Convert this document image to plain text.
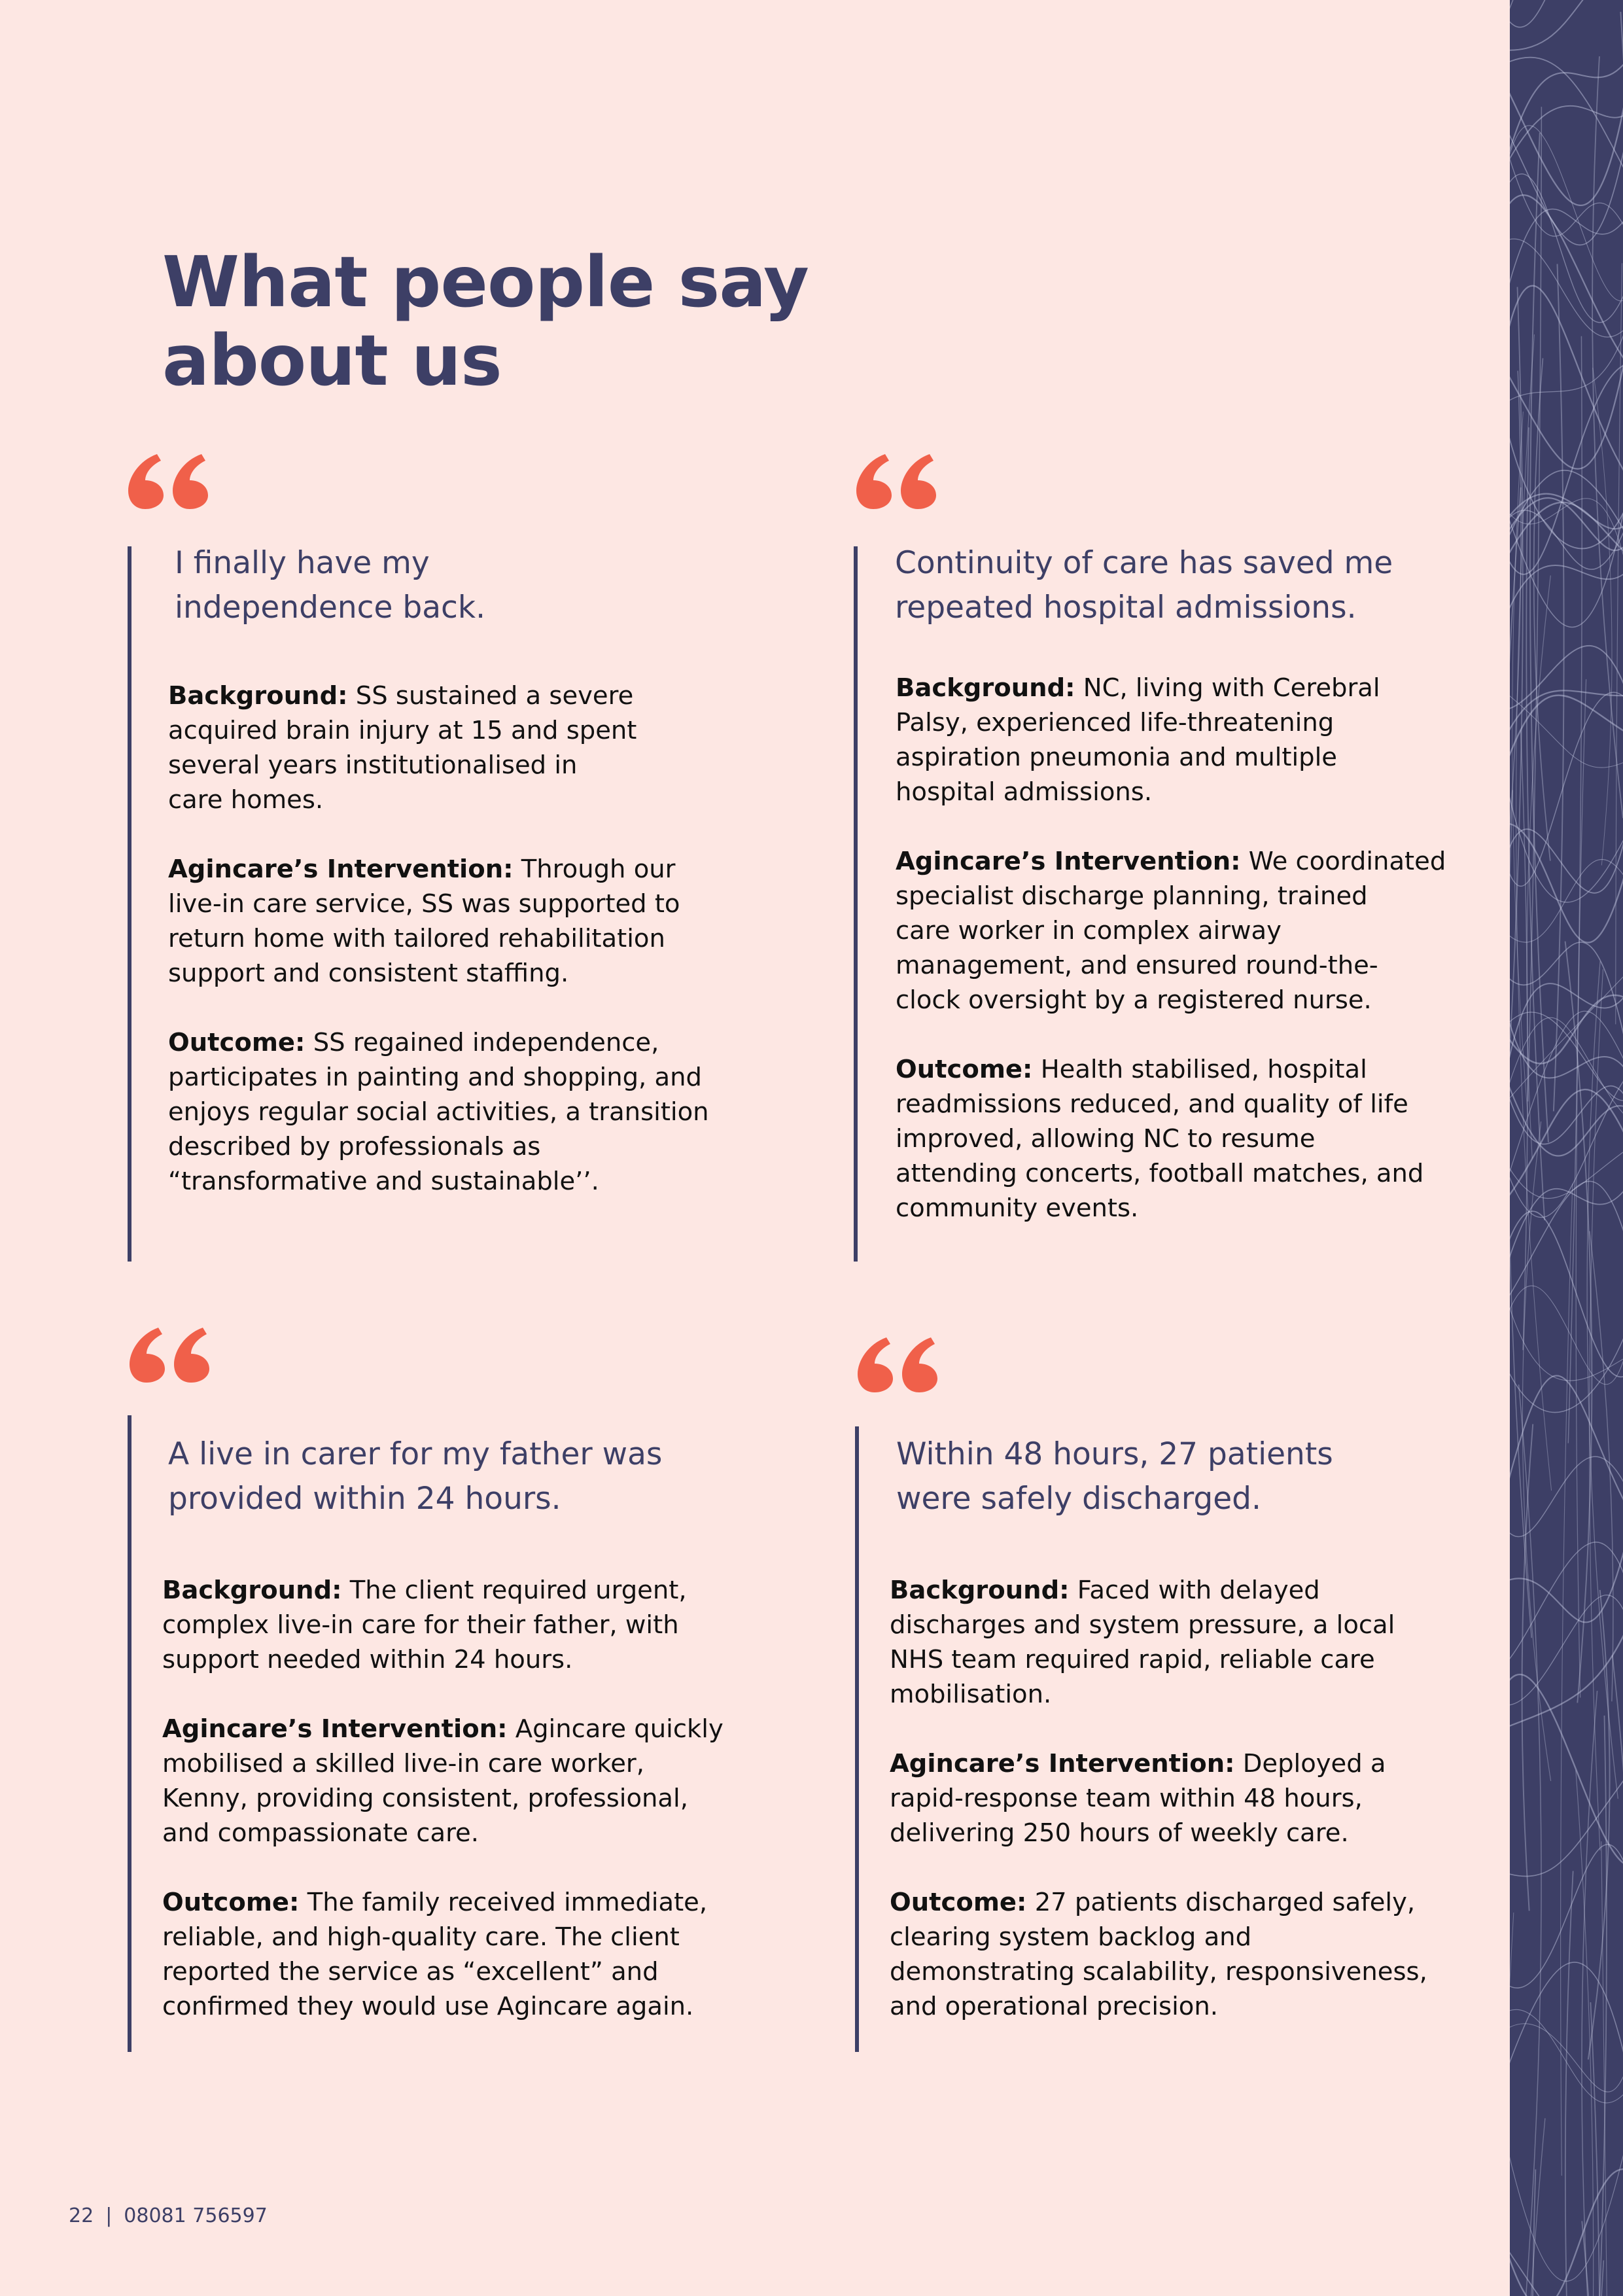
What people say
about us
I finally have my
independence back.

Background: SS sustained a severe
acquired brain injury at 15 and spent
several years institutionalised in
care homes.

Agincare’s Intervention: Through our
live-in care service, SS was supported to
return home with tailored rehabilitation
support and consistent staffing.

Outcome: SS regained independence,
participates in painting and shopping, and
enjoys regular social activities, a transition
described by professionals as
“transformative and sustainable’’.

Continuity of care has saved me
repeated hospital admissions.

Background: NC, living with Cerebral
Palsy, experienced life-threatening
aspiration pneumonia and multiple
hospital admissions.

Agincare’s Intervention: We coordinated
specialist discharge planning, trained
care worker in complex airway
management, and ensured round-the-
clock oversight by a registered nurse.

Outcome: Health stabilised, hospital
readmissions reduced, and quality of life
improved, allowing NC to resume
attending concerts, football matches, and
community events.

A live in carer for my father was
provided within 24 hours.

Background: The client required urgent,
complex live-in care for their father, with
support needed within 24 hours.

Agincare’s Intervention: Agincare quickly
mobilised a skilled live-in care worker,
Kenny, providing consistent, professional,
and compassionate care.

Outcome: The family received immediate,
reliable, and high-quality care. The client
reported the service as “excellent” and
confirmed they would use Agincare again.

Within 48 hours, 27 patients
were safely discharged.

Background: Faced with delayed
discharges and system pressure, a local
NHS team required rapid, reliable care
mobilisation.

Agincare’s Intervention: Deployed a
rapid-response team within 48 hours,
delivering 250 hours of weekly care.

Outcome: 27 patients discharged safely,
clearing system backlog and
demonstrating scalability, responsiveness,
and operational precision.

22 | 08081 756597
